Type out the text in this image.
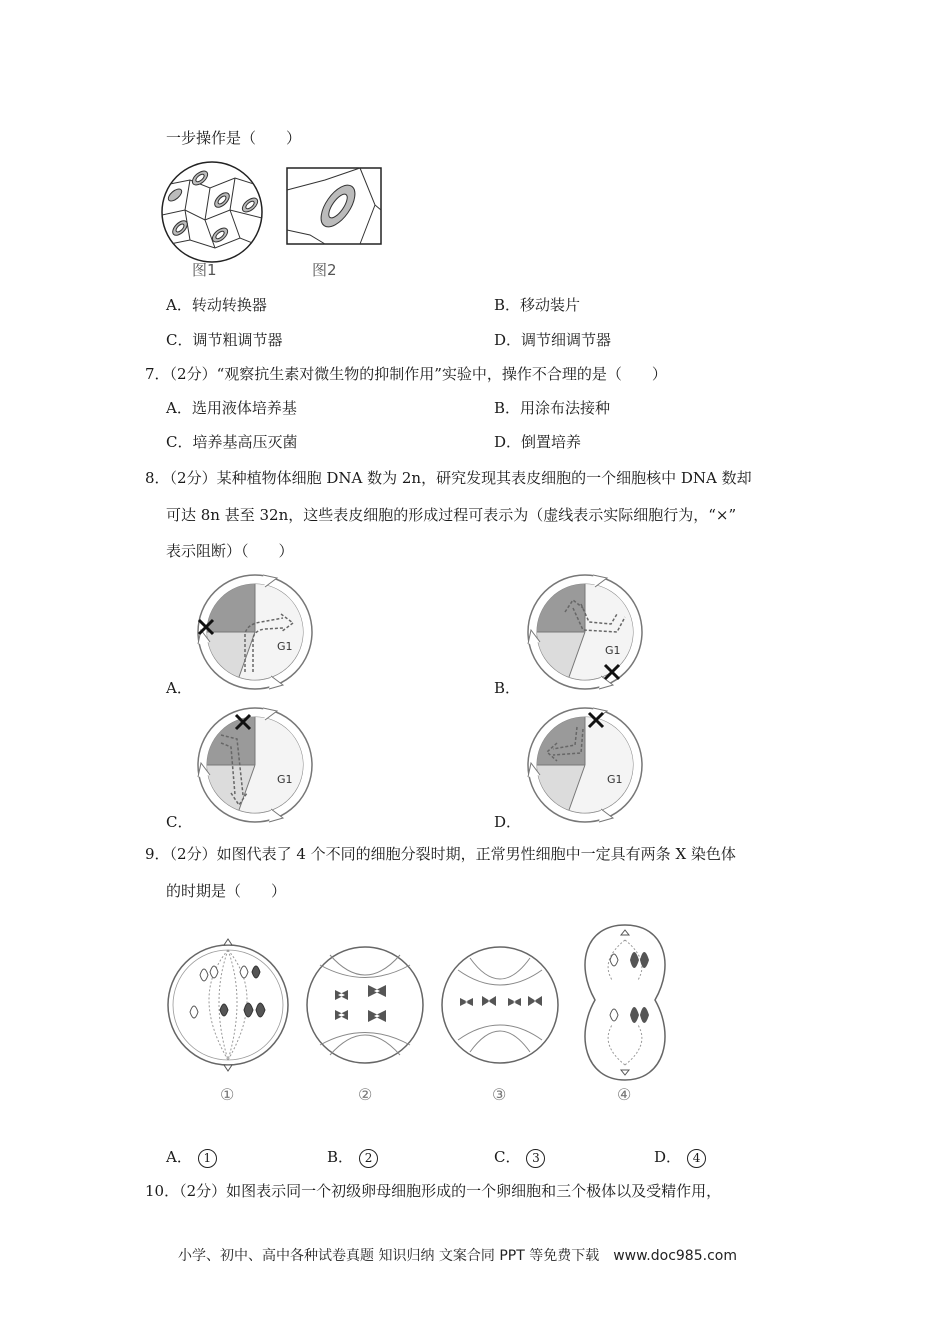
一步操作是（　　）
图1	图2
A．转动转换器	B．移动装片
C．调节粗调节器	D．调节细调节器
7．（2分）“观察抗生素对微生物的抑制作用”实验中，操作不合理的是（　　）
A．选用液体培养基	B．用涂布法接种
C．培养基高压灭菌	D．倒置培养
8．（2分）某种植物体细胞 DNA 数为 2n，研究发现其表皮细胞的一个细胞核中 DNA 数却
可达 8n 甚至 32n，这些表皮细胞的形成过程可表示为（虚线表示实际细胞行为，“×”
表示阻断）（　　）
G1
A．
G1
B．
G1
C．
G1
D．
9．（2分）如图代表了 4 个不同的细胞分裂时期，正常男性细胞中一定具有两条 X 染色体
的时期是（　　）
①	②	③	④
A． 1	B． 2	C． 3	D． 4
10．（2分）如图表示同一个初级卵母细胞形成的一个卵细胞和三个极体以及受精作用，
小学、初中、高中各种试卷真题 知识归纳 文案合同 PPT 等免费下载　www.doc985.com
